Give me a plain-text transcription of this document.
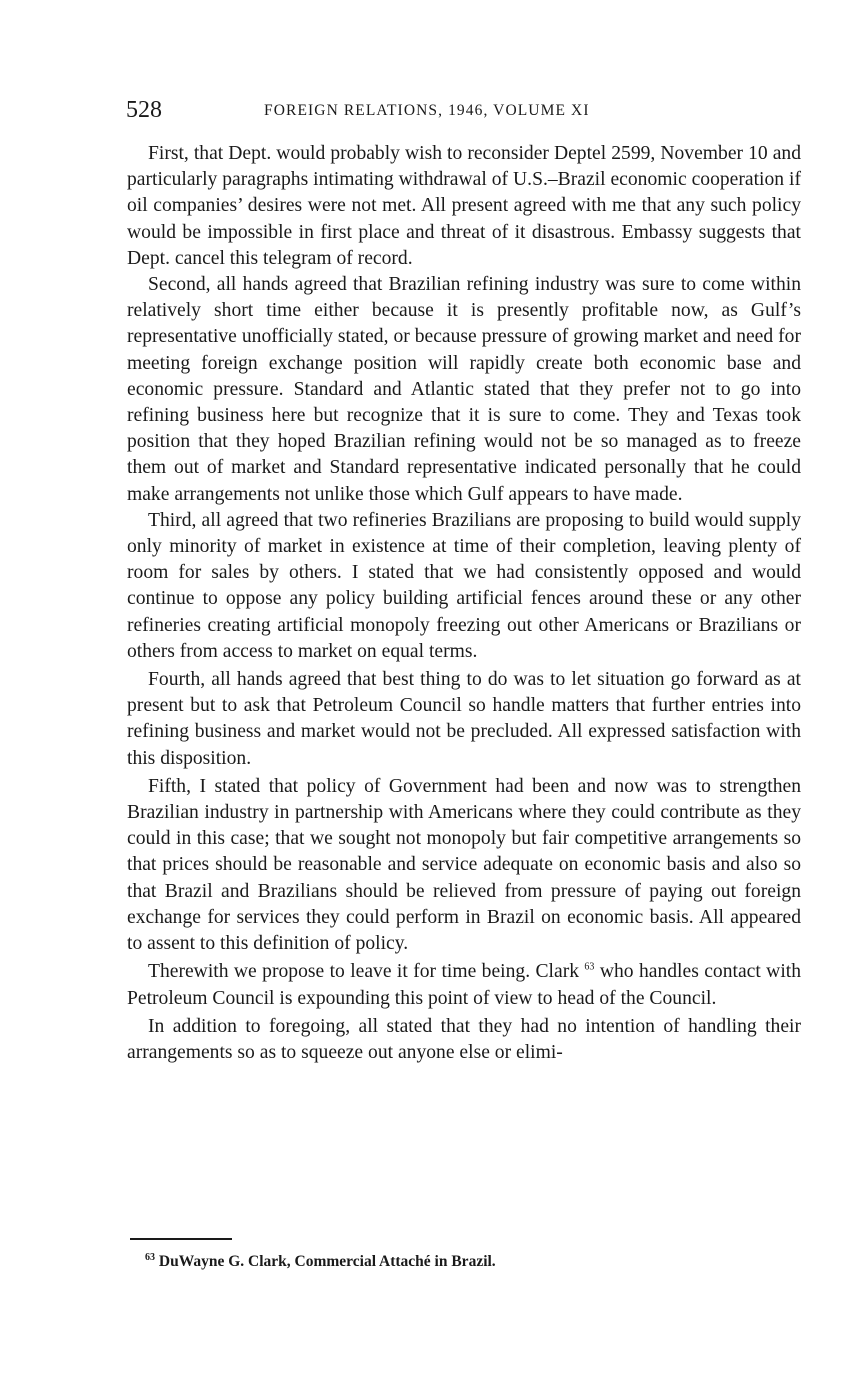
528	FOREIGN RELATIONS, 1946, VOLUME XI

First, that Dept. would probably wish to reconsider Deptel 2599, November 10 and particularly paragraphs intimating withdrawal of U.S.–Brazil economic cooperation if oil companies’ desires were not met. All present agreed with me that any such policy would be impossible in first place and threat of it disastrous. Embassy suggests that Dept. cancel this telegram of record.

Second, all hands agreed that Brazilian refining industry was sure to come within relatively short time either because it is presently profitable now, as Gulf’s representative unofficially stated, or because pressure of growing market and need for meeting foreign exchange position will rapidly create both economic base and economic pressure. Standard and Atlantic stated that they prefer not to go into refining business here but recognize that it is sure to come. They and Texas took position that they hoped Brazilian refining would not be so managed as to freeze them out of market and Standard representative indicated personally that he could make arrangements not unlike those which Gulf appears to have made.

Third, all agreed that two refineries Brazilians are proposing to build would supply only minority of market in existence at time of their completion, leaving plenty of room for sales by others. I stated that we had consistently opposed and would continue to oppose any policy building artificial fences around these or any other refineries creating artificial monopoly freezing out other Americans or Brazilians or others from access to market on equal terms.

Fourth, all hands agreed that best thing to do was to let situation go forward as at present but to ask that Petroleum Council so handle matters that further entries into refining business and market would not be precluded. All expressed satisfaction with this disposition.

Fifth, I stated that policy of Government had been and now was to strengthen Brazilian industry in partnership with Americans where they could contribute as they could in this case; that we sought not monopoly but fair competitive arrangements so that prices should be reasonable and service adequate on economic basis and also so that Brazil and Brazilians should be relieved from pressure of paying out foreign exchange for services they could perform in Brazil on economic basis. All appeared to assent to this definition of policy.

Therewith we propose to leave it for time being. Clark $^{63}$ who handles contact with Petroleum Council is expounding this point of view to head of the Council.

In addition to foregoing, all stated that they had no intention of handling their arrangements so as to squeeze out anyone else or elimi-

$^{63}$ DuWayne G. Clark, Commercial Attaché in Brazil.
